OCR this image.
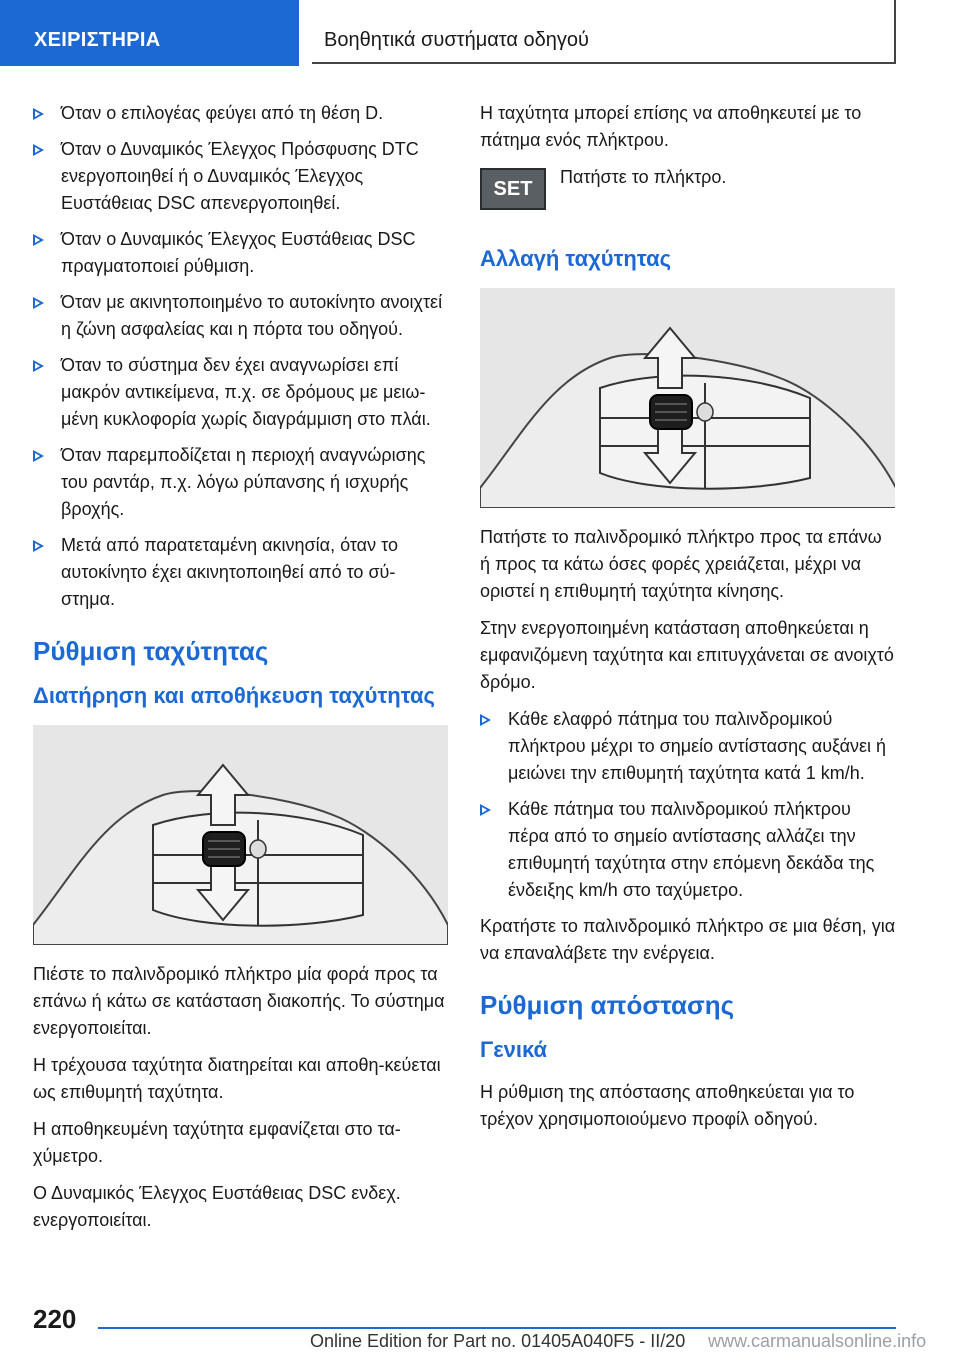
ΧΕΙΡΙΣΤΗΡΙΑ	Βοηθητικά συστήματα οδηγού
Όταν ο επιλογέας φεύγει από τη θέση D.
Όταν ο Δυναμικός Έλεγχος Πρόσφυσης DTC ενεργοποιηθεί ή ο Δυναμικός Έλεγχος Ευστάθειας DSC απενεργοποιηθεί.
Όταν ο Δυναμικός Έλεγχος Ευστάθειας DSC πραγματοποιεί ρύθμιση.
Όταν με ακινητοποιημένο το αυτοκίνητο ανοιχτεί η ζώνη ασφαλείας και η πόρτα του οδηγού.
Όταν το σύστημα δεν έχει αναγνωρίσει επί μακρόν αντικείμενα, π.χ. σε δρόμους με μειω-μένη κυκλοφορία χωρίς διαγράμμιση στο πλάι.
Όταν παρεμποδίζεται η περιοχή αναγνώρισης του ραντάρ, π.χ. λόγω ρύπανσης ή ισχυρής βροχής.
Μετά από παρατεταμένη ακινησία, όταν το αυτοκίνητο έχει ακινητοποιηθεί από το σύ-στημα.
Ρύθμιση ταχύτητας
Διατήρηση και αποθήκευση ταχύτητας

Πιέστε το παλινδρομικό πλήκτρο μία φορά προς τα επάνω ή κάτω σε κατάσταση διακοπής. Το σύστημα ενεργοποιείται.

Η τρέχουσα ταχύτητα διατηρείται και αποθη-κεύεται ως επιθυμητή ταχύτητα.

Η αποθηκευμένη ταχύτητα εμφανίζεται στο τα-χύμετρο.

Ο Δυναμικός Έλεγχος Ευστάθειας DSC ενδεχ. ενεργοποιείται.

Η ταχύτητα μπορεί επίσης να αποθηκευτεί με το πάτημα ενός πλήκτρου.

SET
Πατήστε το πλήκτρο.
Αλλαγή ταχύτητας

Πατήστε το παλινδρομικό πλήκτρο προς τα επάνω ή προς τα κάτω όσες φορές χρειάζεται, μέχρι να οριστεί η επιθυμητή ταχύτητα κίνησης.

Στην ενεργοποιημένη κατάσταση αποθηκεύεται η εμφανιζόμενη ταχύτητα και επιτυγχάνεται σε ανοιχτό δρόμο.

Κάθε ελαφρό πάτημα του παλινδρομικού πλήκτρου μέχρι το σημείο αντίστασης αυξάνει ή μειώνει την επιθυμητή ταχύτητα κατά 1 km/h.
Κάθε πάτημα του παλινδρομικού πλήκτρου πέρα από το σημείο αντίστασης αλλάζει την επιθυμητή ταχύτητα στην επόμενη δεκάδα της ένδειξης km/h στο ταχύμετρο.

Κρατήστε το παλινδρομικό πλήκτρο σε μια θέση, για να επαναλάβετε την ενέργεια.

Ρύθμιση απόστασης
Γενικά

Η ρύθμιση της απόστασης αποθηκεύεται για το τρέχον χρησιμοποιούμενο προφίλ οδηγού.

220
Online Edition for Part no. 01405A040F5 - II/20 www.carmanualsonline.info
